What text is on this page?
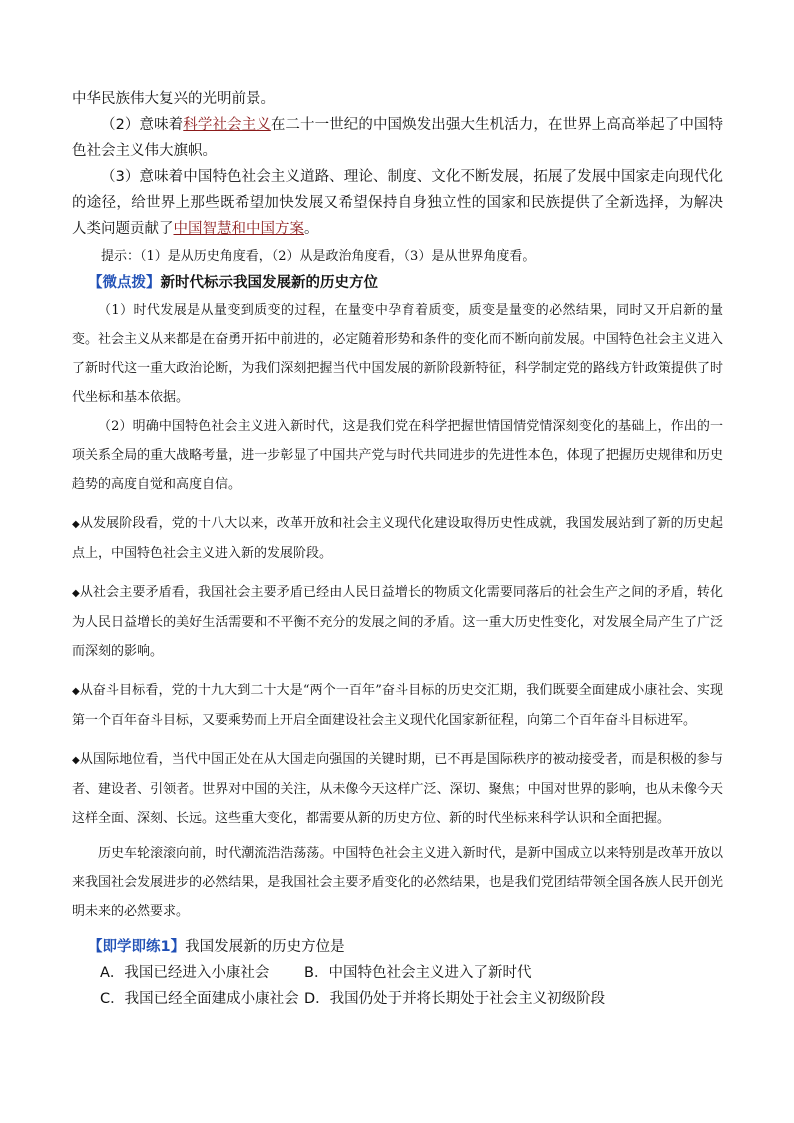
中华民族伟大复兴的光明前景。

（2）意味着科学社会主义在二十一世纪的中国焕发出强大生机活力，在世界上高高举起了中国特色社会主义伟大旗帜。

（3）意味着中国特色社会主义道路、理论、制度、文化不断发展，拓展了发展中国家走向现代化的途径，给世界上那些既希望加快发展又希望保持自身独立性的国家和民族提供了全新选择，为解决人类问题贡献了中国智慧和中国方案。

提示：（1）是从历史角度看，（2）从是政治角度看，（3）是从世界角度看。

【微点拨】新时代标示我国发展新的历史方位

（1）时代发展是从量变到质变的过程，在量变中孕育着质变，质变是量变的必然结果，同时又开启新的量变。社会主义从来都是在奋勇开拓中前进的，必定随着形势和条件的变化而不断向前发展。中国特色社会主义进入了新时代这一重大政治论断，为我们深刻把握当代中国发展的新阶段新特征，科学制定党的路线方针政策提供了时代坐标和基本依据。

（2）明确中国特色社会主义进入新时代，这是我们党在科学把握世情国情党情深刻变化的基础上，作出的一项关系全局的重大战略考量，进一步彰显了中国共产党与时代共同进步的先进性本色，体现了把握历史规律和历史趋势的高度自觉和高度自信。

◆从发展阶段看，党的十八大以来，改革开放和社会主义现代化建设取得历史性成就，我国发展站到了新的历史起点上，中国特色社会主义进入新的发展阶段。

◆从社会主要矛盾看，我国社会主要矛盾已经由人民日益增长的物质文化需要同落后的社会生产之间的矛盾，转化为人民日益增长的美好生活需要和不平衡不充分的发展之间的矛盾。这一重大历史性变化，对发展全局产生了广泛而深刻的影响。

◆从奋斗目标看，党的十九大到二十大是“两个一百年”奋斗目标的历史交汇期，我们既要全面建成小康社会、实现第一个百年奋斗目标，又要乘势而上开启全面建设社会主义现代化国家新征程，向第二个百年奋斗目标进军。

◆从国际地位看，当代中国正处在从大国走向强国的关键时期，已不再是国际秩序的被动接受者，而是积极的参与者、建设者、引领者。世界对中国的关注，从未像今天这样广泛、深切、聚焦；中国对世界的影响，也从未像今天这样全面、深刻、长远。这些重大变化，都需要从新的历史方位、新的时代坐标来科学认识和全面把握。

历史车轮滚滚向前，时代潮流浩浩荡荡。中国特色社会主义进入新时代，是新中国成立以来特别是改革开放以来我国社会发展进步的必然结果，是我国社会主要矛盾变化的必然结果，也是我们党团结带领全国各族人民开创光明未来的必然要求。

【即学即练1】我国发展新的历史方位是

A．我国已经进入小康社会	B．中国特色社会主义进入了新时代
C．我国已经全面建成小康社会 D．我国仍处于并将长期处于社会主义初级阶段
